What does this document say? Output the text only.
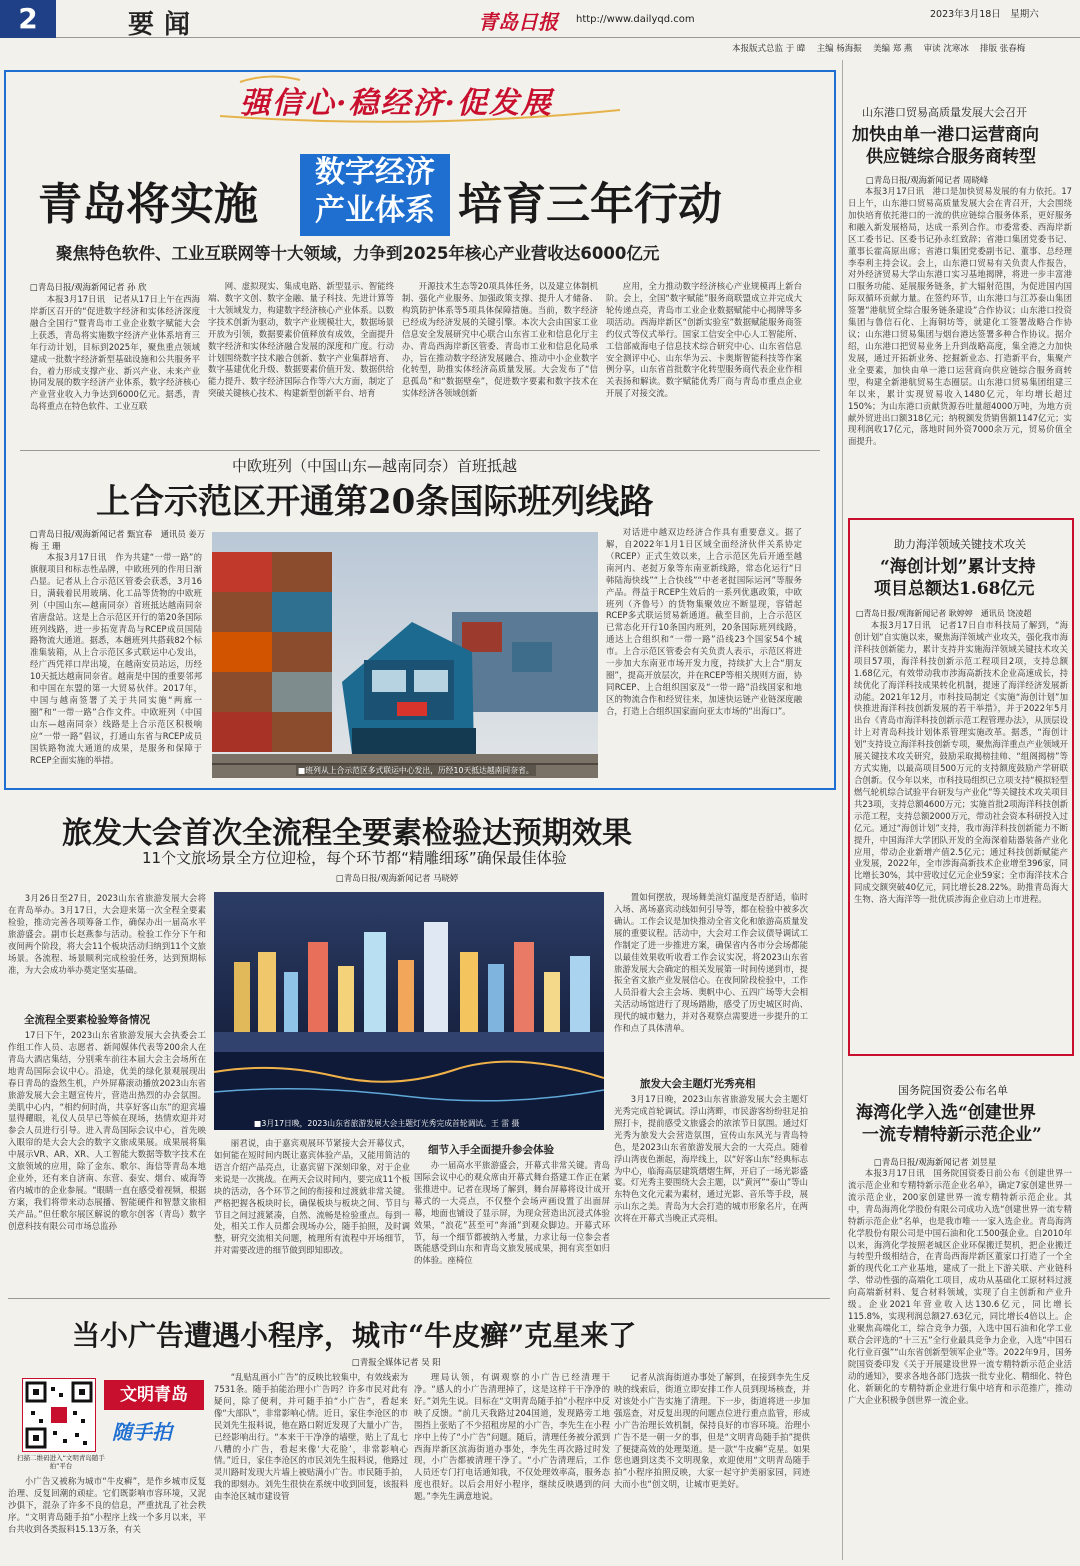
2	要闻	青岛日报 http://www.dailyqd.com	2023年3月18日　星期六
本报版式总监 于 暐　 主编 杨海振　 美编 郑 燕　 审读 沈寒冰　 排版 张春梅
强信心·稳经济·促发展
青岛将实施
数字经济
产业体系 培育三年行动
聚焦特色软件、工业互联网等十大领域，力争到2025年核心产业营收达6000亿元
□青岛日报/观海新闻记者 孙 欣
本报3月17日讯　记者从17日上午在西海岸新区召开的“促进数字经济和实体经济深度融合全国行”暨青岛市工业企业数字赋能大会上获悉，青岛将实施数字经济产业体系培育三年行动计划，目标到2025年，聚焦重点领域建成一批数字经济新型基础设施和公共服务平台，着力形成支撑产业、新兴产业、未来产业协同发展的数字经济产业体系，数字经济核心产业营业收入力争达到6000亿元。据悉，青岛将重点在特色软件、工业互联
网、虚拟现实、集成电路、新型显示、智能终端、数字文创、数字金融、量子科技、先进计算等十大领域发力，构建数字经济核心产业体系。以数字技术创新为驱动，数字产业规模壮大，数据场景开放为引领，数据要素价值释放有成效，全面提升数字经济和实体经济融合发展的深度和广度。行动计划围绕数字技术融合创新、数字产业集群培育、数字基建优化升级、数据要素价值开发、数据供给能力提升、数字经济国际合作等六大方面，制定了突破关键核心技术、构建新型创新平台、培育
开源技术生态等20项具体任务，以及建立体制机制、强化产业服务、加强政策支撑、提升人才储备、构筑防护体系等5项具体保障措施。当前，数字经济已经成为经济发展的关键引擎。本次大会由国家工业信息安全发展研究中心联合山东省工业和信息化厅主办、青岛西海岸新区管委、青岛市工业和信息化局承办，旨在推动数字经济发展融合、推动中小企业数字化转型，助推实体经济高质量发展。大会发布了“信息孤岛”和“数据壁垒”，促进数字要素和数字技术在实体经济各领域创新
应用，全力推动数字经济核心产业规模再上新台阶。会上，全国“数字赋能”服务商联盟成立并完成大轮传递点亮，青岛市工业企业数据赋能中心揭牌等多项活动。西海岸新区“创新实验室”数据赋能服务商签约仪式等仪式举行。国家工信安全中心人工智能所、工信部威海电子信息技术综合研究中心、山东省信息安全测评中心、山东华为云、卡奥斯智能科技等作案例分享，山东省首批数字化转型服务商代表企业作相关表扬和解读。数字赋能优秀厂商与青岛市重点企业开展了对接交流。
中欧班列（中国山东—越南同奈）首班抵越
上合示范区开通第20条国际班列线路
□青岛日报/观海新闻记者 甄宜春　通讯员 姜万梅 王 珊
本报3月17日讯　作为共建“一带一路”的旗舰项目和标志性品牌，中欧班列的作用日渐凸显。记者从上合示范区管委会获悉，3月16日，满载着民用玻璃、化工品等货物的中欧班列（中国山东—越南同奈）首班抵达越南同奈省唐盘站。这是上合示范区开行的第20条国际班列线路，进一步拓宽青岛与RCEP成员国陆路物流大通道。据悉，本趟班列共搭载82个标准集装箱，从上合示范区多式联运中心发出，经广西凭祥口岸出境，在越南安员站运，历经10天抵达越南同奈省。越南是中国的重要邻邦和中国在东盟的第一大贸易伙伴。2017年，中国与越南签署了关于共同实施“两廊一圈”和“一带一路”合作文件。中欧班列（中国山东—越南同奈）线路是上合示范区积极响应“一带一路”倡议，打通山东省与RCEP成员国铁路物流大通道的成果，是服务和保障于RCEP全面实施的举措。
■班列从上合示范区多式联运中心发出，历经10天抵达越南同奈省。
对话进中越双边经济合作具有重要意义。据了解，自2022年1月1日区域全面经济伙伴关系协定（RCEP）正式生效以来，上合示范区先后开通至越南河内、老挝万象等东南亚新线路，常态化运行“日韩陆海快线”“上合快线”“中老老挝国际运河”等服务产品。得益于RCEP生效后的一系列优惠政策，中欧班列（齐鲁号）的货物集聚效应不断显现，容错起RCEP多式联运贸易新通道。截至目前，上合示范区已常态化开行10条国内班列，20条国际班列线路，通达上合组织和“一带一路”沿线23个国家54个城市。上合示范区管委会有关负责人表示，示范区将进一步加大东南亚市场开发力度，持续扩大上合“朋友圈”，提高开放层次，并在RCEP等相关规则方面，协同RCEP、上合组织国家及“一带一路”沿线国家和地区的物流合作和经贸往来，加速快运链产业链深度融合，打造上合组织国家面向亚太市场的“出海口”。
旅发大会首次全流程全要素检验达预期效果
11个文旅场景全方位迎检，每个环节都“精雕细琢”确保最佳体验
□青岛日报/观海新闻记者 马晓婷
3月26日至27日，2023山东省旅游发展大会将在青岛举办。3月17日，大会迎来第一次全程全要素检验，推动完善各项筹备工作，确保办出一届高水平旅游盛会。副市长赵燕参与活动。检验工作分下午和夜间两个阶段，将大会11个板块活动归纳到11个文旅场景。各流程、场景顺利完成检验任务，达到预期标准，为大会成功举办奠定坚实基础。
全流程全要素检验筹备情况
17日下午，2023山东省旅游发展大会执委会工作组工作人员、志愿者、新闻媒体代表等200余人在青岛大酒店集结，分别乘车前往本届大会主会场所在地青岛国际会议中心。沿途，优美的绿化景观展现出春日青岛的盎然生机，户外屏幕滚动播放2023山东省旅游发展大会主题宣传片，营造出热烈的办会氛围。美肌中心内，“相约何时尚，共享好客山东”的迎宾墙显得耀眼，礼仪人员早已等候在现场，热情欢迎并对参会人员进行引导。进入青岛国际会议中心，首先映入眼帘的是大会大会的数字文旅成果展。成果展将集中展示VR、AR、XR、人工智能大数据等数字技术在文旅领域的应用，除了金东、歌尔、海信等青岛本地企业外，还有来自济南、东营、泰安、烟台、威海等省内城市的企业参展。“眼睛一直在感受着视频，根据方案，我们将带来动态展播、智能硬件和智慧文旅相关产品。”但任歌尔展区解说的歌尔创客（青岛）数字创意科技有限公司市场总监孙
■3月17日晚，2023山东省旅游发展大会主题灯光秀完成首轮调试。王 雷 摄
丽君说，由于嘉宾观展环节紧接大会开幕仪式，如何能在短时间内既让嘉宾体验产品，又能用简洁的语言介绍产品亮点，让嘉宾留下深刻印象，对于企业来说是一次挑战。在两天会议时间内，要完成11个板块的活动，各个环节之间的衔接和过渡就非常关键。严格把握各板块时长，确保板块与板块之间、节目与节目之间过渡紧凑，自然、流畅是检验重点。每到一处，相关工作人员都会现场办公，随手拍照，及时调整，研究交流相关问题，梳理所有流程中开场细节，并对需要改进的细节做到即知即改。
细节入手全面提升参会体验
办一届高水平旅游盛会，开幕式非常关键。青岛国际会议中心的观众席由开幕式舞台搭建工作正在紧张推进中。记者在现场了解到，舞台屏幕将设计成开幕式的一大亮点，不仅整个会场声画设置了出面屏幕，地面也铺设了显示屏，为现众营造出沉浸式体验效果，“浪花”甚至可“奔涌”到观众脚边。开幕式环节，每一个细节都被纳入考量，力求让每一位参会者既能感受到山东和青岛文旅发展成果，拥有宾至如归的体验。座椅位
置如何摆放，现场舞美渲灯温度是否舒适，临时入场、离场嘉宾动线如何引导等，都在检验中被多次确认。工作会议是加快推动全省文化和旅游高质量发展的重要议程。活动中，大会对工作会议债导调试工作制定了进一步推进方案，确保省内各市分会场都能以最佳效果收听收看工作会议实况，将2023山东省旅游发展大会确定的相关发展第一时间传递到市，提振全省文旅产业发展信心。在夜间阶段检验中，工作人员沿着大会主会场、奥帆中心、五四广场等大会相关活动场馆进行了现场踏勘，感受了历史城区时尚、现代的城市魅力，并对各观察点需要进一步提升的工作和点了具体清单。
旅发大会主题灯光秀亮相
3月17日晚，2023山东省旅游发展大会主题灯光秀完成首轮调试。浮山湾畔，市民游客纷纷驻足拍照打卡，提前感受文旅盛会的浓浓节日氛围。通过灯光秀为旅发大会营造氛围，宣传山东风光与青岛特色，是2023山东省旅游发展大会的一大亮点。随着浮山湾夜色渐起，海岸线上，以“好客山东”经典标志为中心，临海高层建筑熠熠生辉，开启了一场光影盛宴。灯光秀主要围绕大会主题，以“黄河”“泰山”等山东特色文化元素为素材，通过光影、音乐等手段，展示山东之美。青岛为大会打造的城市形象名片，在两次将在开幕式当晚正式亮相。
当小广告遭遇小程序，城市“牛皮癣”克星来了
□青报全媒体记者 吴 阳
文明青岛
随手拍
扫描二维码进入“文明青岛随手拍”平台
小广告又被称为城市“牛皮癣”，是作乡城市反复治理、反复回潮的顽症。它们既影响市容环境，又泥沙俱下，混杂了许多不良的信息，严重扰乱了社会秩序。“文明青岛随手拍”小程序上线一个多月以来，平台共收到各类报料15.13万条，有关
“乱贴乱画小广告”的反映比较集中，有效线索为7531条。随手拍能治理小广告吗？许多市民对此有疑问，除了便利，并可随手拍“小广告”，看起来像“大部队”，非常影响心情。近日，家住李沧区的市民刘先生报料说，他在路口附近发现了大量小广告，已经影响出行。“本来干干净净的墙壁，贴上了乱七八糟的小广告，看起来像‘大花脸’，非常影响心情。”近日，家住李沧区的市民刘先生报料说，他路过灵川路时发现大片墙上被贴满小广告。市民随手拍，我的即刻办。刘先生很快在系统中收到回复，该报料由李沧区城市建设管
理局认领，有调观察的小广告已经清理干净。“感人的小广告清理掉了，这是这样干干净净的好。”刘先生说。目标在“文明青岛随手拍”小程序中反映了反馈。“前几天我路过204国道，发现路旁工地围挡上张贴了不少招租房屋的小广告，李先生在小程序中上传了“小广告”问题。随后，清理任务被分派到西海岸新区滨海街道办事处，李先生再次路过时发现，小广告都被清理干净了。“小广告清理后，工作人员还专门打电话通知我，不仅处理效率高，服务态度也很好。以后会用好小程序，继续反映遇到的问题。”李先生满意地说。
记者从滨海街道办事处了解到，在接到李先生反映的线索后，街道立即安排工作人员到现场核查，并对该处小广告实施了清理。下一步，街道将进一步加强巡查，对反复出现的问题点位进行重点监管，形成小广告治理长效机制，保持良好的市容环境。治理小广告不是一朝一夕的事，但是“文明青岛随手拍”提供了便捷高效的处理渠道。是一款“牛皮癣”克星。如果您也遇到这类不文明现象，欢迎使用“文明青岛随手拍”小程序拍照反映，大家一起守护美丽家园，同迹大而小也“创文明，让城市更美好。
山东港口贸易高质量发展大会召开
加快由单一港口运营商向
供应链综合服务商转型
□青岛日报/观海新闻记者 周晓峰
本报3月17日讯　港口是加快贸易发展的有力依托。17日上午，山东港口贸易高质量发展大会在青召开，大会围绕加快培育依托港口的一流的供应链综合服务体系，更好服务和融入新发展格局，达成一系列合作。市委常委、西海岸新区工委书记、区委书记孙永红致辞；省港口集团党委书记、董事长霍高原出席；省港口集团党委副书记、董事、总经理李奉利主持会议。会上，山东港口贸易有关负责人作报告，对外经济贸易大学山东港口实习基地揭牌，将进一步丰富港口服务功能、延展服务链条，扩大辐射范围，为促进国内国际双循环贡献力量。在签约环节，山东港口与江苏泰山集团签署“港航贸全综合服务链条建设”合作协议；山东港口投资集团与鲁信石化、上海铜坊等，就建化工签署战略合作协议；山东港口贸易集团与烟台港达签署多种合作协议。据介绍，山东港口把贸易业务上升到战略高度，集全港之力加快发展，通过开拓新业务、挖掘新业态、打造新平台，集聚产业全要素，加快由单一港口运营商向供应链综合服务商转型，构建全新港航贸易生态圈层。山东港口贸易集团组建三年以来，累计实现贸易收入1480亿元，年均增长超过150%；为山东港口贡献货源吞吐量超4000万吨，为地方贡献外贸进出口额318亿元；纳税额发货销售额1147亿元；实现利润收17亿元，落地时间外资7000余万元，贸易价值全面提升。
助力海洋领域关键技术攻关
“海创计划”累计支持
项目总额达1.68亿元
□青岛日报/观海新闻记者 耿婷婷　通讯员 饶凌超
本报3月17日讯　记者17日自市科技局了解到，“海创计划”自实施以来，聚焦海洋领域产业攻关，强化我市海洋科技创新能力，累计支持并实施海洋领域关键技术攻关项目57项，海洋科技创新示范工程项目2项，支持总额1.68亿元，有效带动我市涉海高新技术企业高速成长，持续优化了海洋科技成果转化机制，提速了海洋经济发展新动能。2021年12月，市科技局制定《实施“海创计划”加快推进海洋科技创新发展的若干举措》，并于2022年5月出台《青岛市海洋科技创新示范工程管理办法》，从顶层设计上对青岛科技计划体系管理实施改革。据悉，“海创计划”支持设立海洋科技创新专项，聚焦海洋重点产业领域开展关键技术攻关研究，鼓励采取揭榜挂帅、“组阁揭榜”等方式实施，以最高项目500万元的支持额度鼓励产学研联合创新。仅今年以来，市科技局组织已立项支持“模拟轻型燃气轮机综合试验平台研发与产业化”等关键技术攻关项目共23项，支持总额4600万元；实施首批2项海洋科技创新示范工程，支持总额2000万元，带动社会资本科研投入过亿元。通过“海创计划”支持，我市海洋科技创新能力不断提升，中国海洋大学团队开发的全海深着陆器装备产业化应用，带动企业新增产值2.5亿元；通过科技创新赋能产业发展，2022年，全市涉海高新技术企业增至396家，同比增长30%，其中营收过亿元企业59家；全市海洋技术合同成交额突破40亿元，同比增长28.22%。助推青岛海大生物、洛大海洋等一批优质涉海企业启动上市进程。
国务院国资委公布名单
海湾化学入选“创建世界
一流专精特新示范企业”
□青岛日报/观海新闻记者 刘昱星
本报3月17日讯　国务院国资委日前公布《创建世界一流示范企业和专精特新示范企业名单》，确定7家创建世界一流示范企业，200家创建世界一流专精特新示范企业。其中，青岛海湾化学股份有限公司成功入选“创建世界一流专精特新示范企业”名单，也是我市唯一一家入选企业。青岛海湾化学股份有限公司是中国石油和化工500强企业。自2010年以来，海湾化学按照老城区企业环保搬迁契机，把企业搬迁与转型升级相结合，在青岛西海岸新区董家口打造了一个全新的现代化工产业基地，建成了一批上下游关联、产业链科学、带动性强的高端化工项目，成功从基础化工原材料过渡向高端新材料、复合材料领域，实现了自主创新和产业升级。企业2021年营业收入达130.6亿元，同比增长115.8%，实现利润总额27.63亿元，同比增长4倍以上。企业聚焦高端化工，综合竞争力强，入选中国石油和化学工业联合会评选的“十三五”全行业最具竞争力企业，入选“中国石化行业百强”“山东省创新型领军企业”等。2022年9月，国务院国资委印发《关于开展建设世界一流专精特新示范企业活动的通知》，要求各地各部门选拔一批专业化、精细化、特色化、新颖化的专精特新企业进行集中培育和示范推广，推动广大企业积极争创世界一流企业。
